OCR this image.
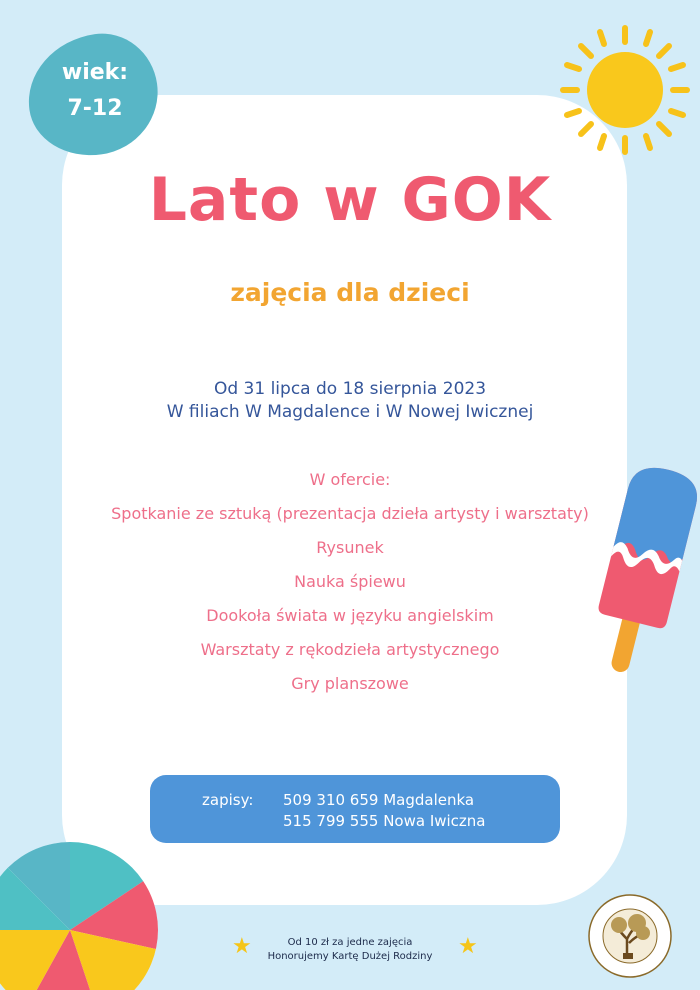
wiek:
7-12
Lato w GOK
zajęcia dla dzieci
Od 31 lipca do 18 sierpnia 2023
W filiach W Magdalence i W Nowej Iwicznej
W ofercie:
Spotkanie ze sztuką (prezentacja dzieła artysty i warsztaty)
Rysunek
Nauka śpiewu
Dookoła świata w języku angielskim
Warsztaty z rękodzieła artystycznego
Gry planszowe
zapisy: 509 310 659 Magdalenka
515 799 555 Nowa Iwiczna
★	★
Od 10 zł za jedne zajęcia
Honorujemy Kartę Dużej Rodziny
